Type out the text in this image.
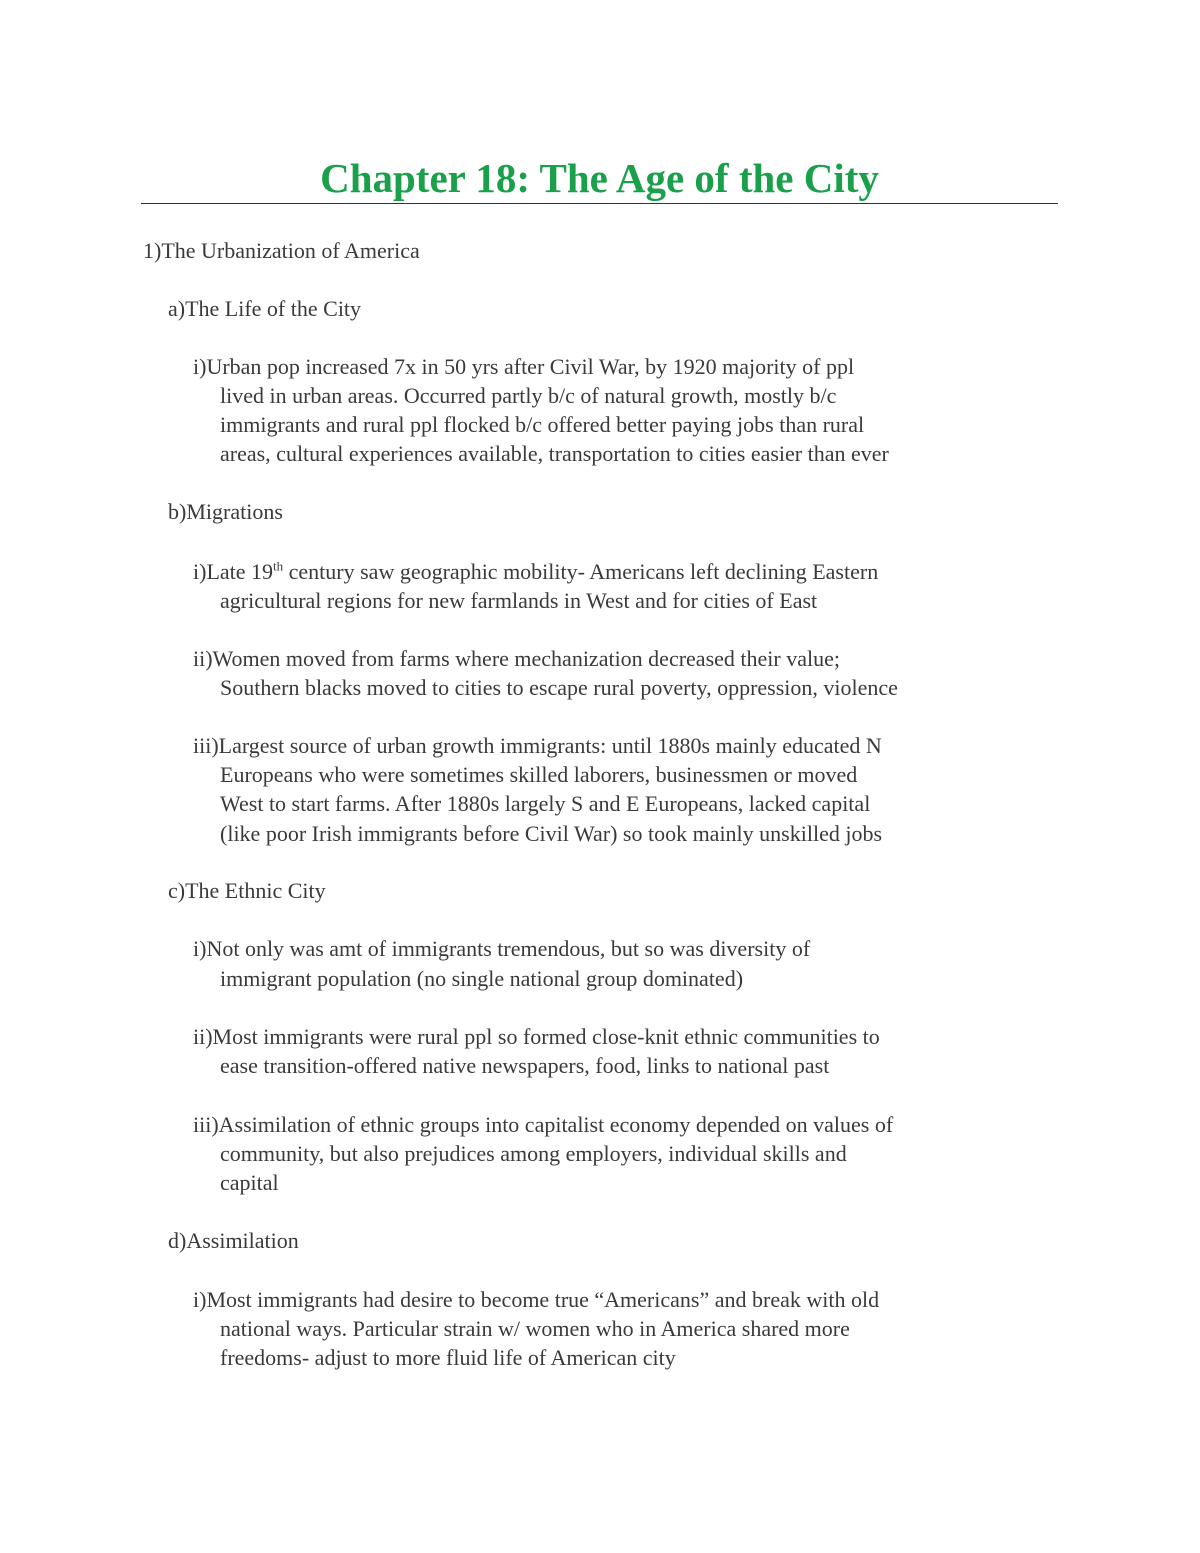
Chapter 18: The Age of the City
1)The Urbanization of America
a)The Life of the City
i)Urban pop increased 7x in 50 yrs after Civil War, by 1920 majority of ppl
lived in urban areas. Occurred partly b/c of natural growth, mostly b/c
immigrants and rural ppl flocked b/c offered better paying jobs than rural
areas, cultural experiences available, transportation to cities easier than ever
b)Migrations
i)Late 19th century saw geographic mobility- Americans left declining Eastern
agricultural regions for new farmlands in West and for cities of East
ii)Women moved from farms where mechanization decreased their value;
Southern blacks moved to cities to escape rural poverty, oppression, violence
iii)Largest source of urban growth immigrants: until 1880s mainly educated N
Europeans who were sometimes skilled laborers, businessmen or moved
West to start farms. After 1880s largely S and E Europeans, lacked capital
(like poor Irish immigrants before Civil War) so took mainly unskilled jobs
c)The Ethnic City
i)Not only was amt of immigrants tremendous, but so was diversity of
immigrant population (no single national group dominated)
ii)Most immigrants were rural ppl so formed close-knit ethnic communities to
ease transition-offered native newspapers, food, links to national past
iii)Assimilation of ethnic groups into capitalist economy depended on values of
community, but also prejudices among employers, individual skills and
capital
d)Assimilation
i)Most immigrants had desire to become true “Americans” and break with old
national ways. Particular strain w/ women who in America shared more
freedoms- adjust to more fluid life of American city
